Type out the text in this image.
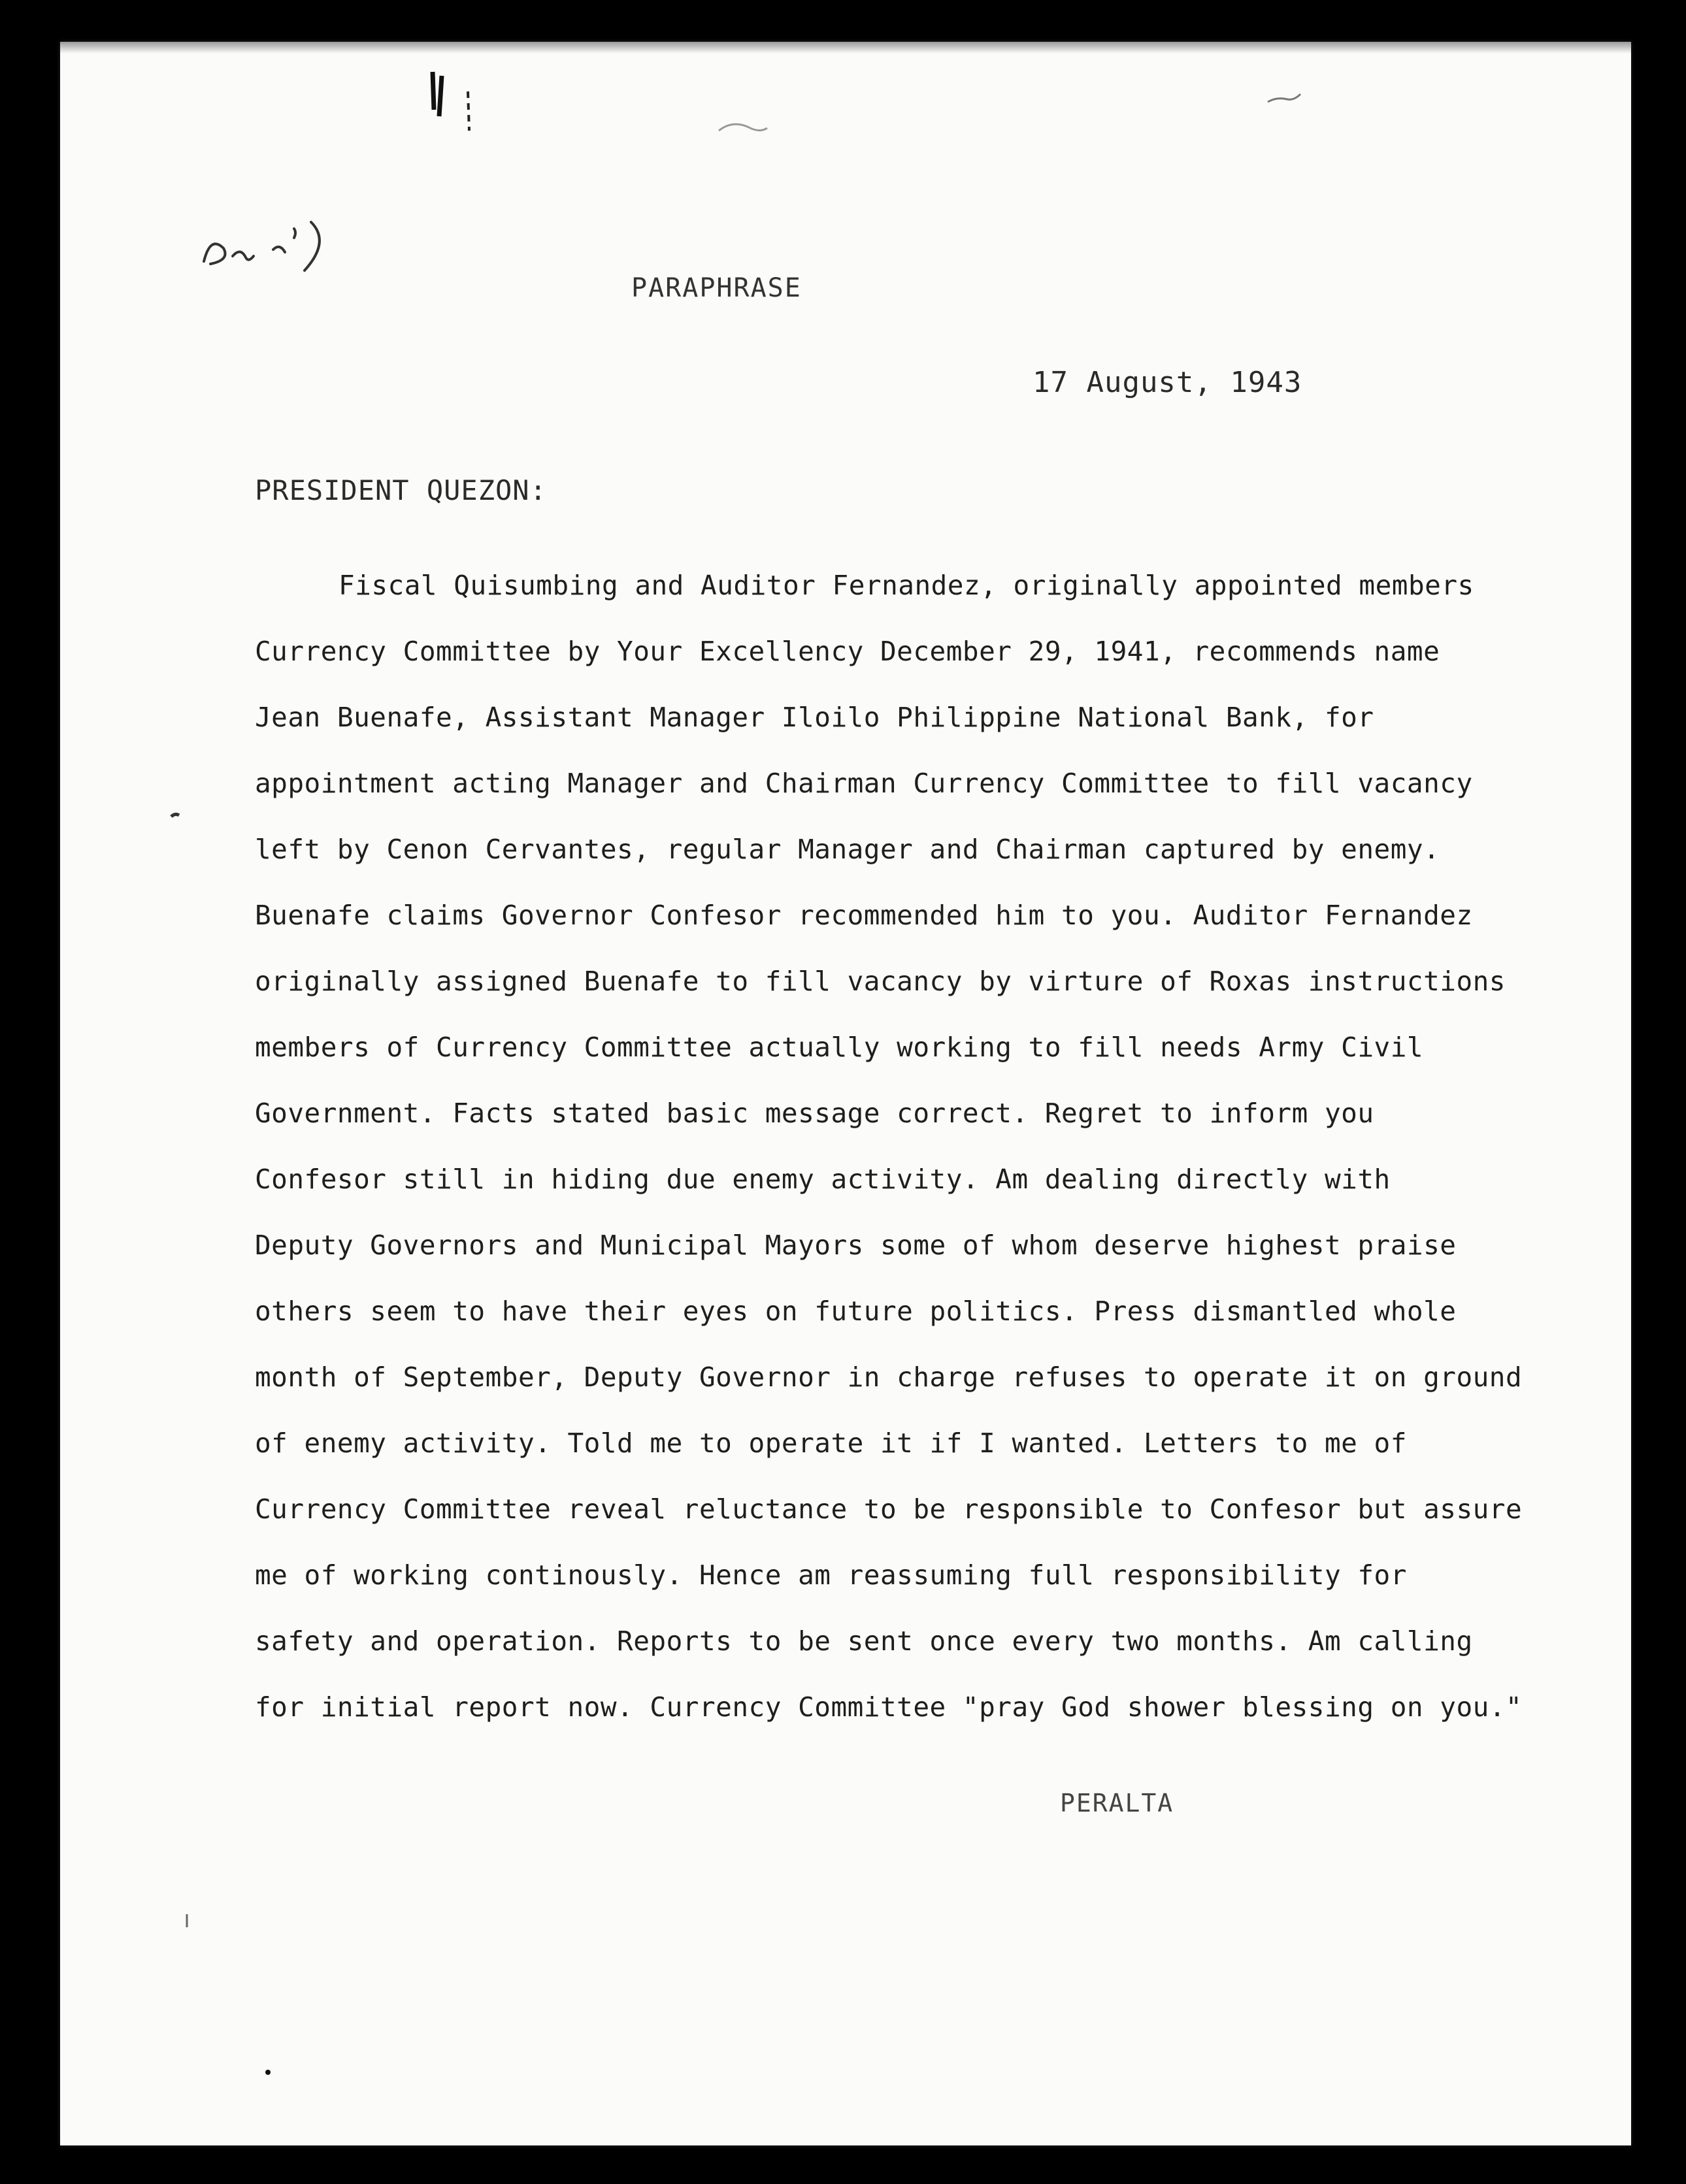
PARAPHRASE
17 August, 1943
PRESIDENT QUEZON:
Fiscal Quisumbing and Auditor Fernandez, originally appointed members
Currency Committee by Your Excellency December 29, 1941, recommends name
Jean Buenafe, Assistant Manager Iloilo Philippine National Bank, for
appointment acting Manager and Chairman Currency Committee to fill vacancy
left by Cenon Cervantes, regular Manager and Chairman captured by enemy.
Buenafe claims Governor Confesor recommended him to you. Auditor Fernandez
originally assigned Buenafe to fill vacancy by virture of Roxas instructions
members of Currency Committee actually working to fill needs Army Civil
Government. Facts stated basic message correct. Regret to inform you
Confesor still in hiding due enemy activity. Am dealing directly with
Deputy Governors and Municipal Mayors some of whom deserve highest praise
others seem to have their eyes on future politics. Press dismantled whole
month of September, Deputy Governor in charge refuses to operate it on ground
of enemy activity. Told me to operate it if I wanted. Letters to me of
Currency Committee reveal reluctance to be responsible to Confesor but assure
me of working continously. Hence am reassuming full responsibility for
safety and operation. Reports to be sent once every two months. Am calling
for initial report now. Currency Committee "pray God shower blessing on you."
PERALTA
